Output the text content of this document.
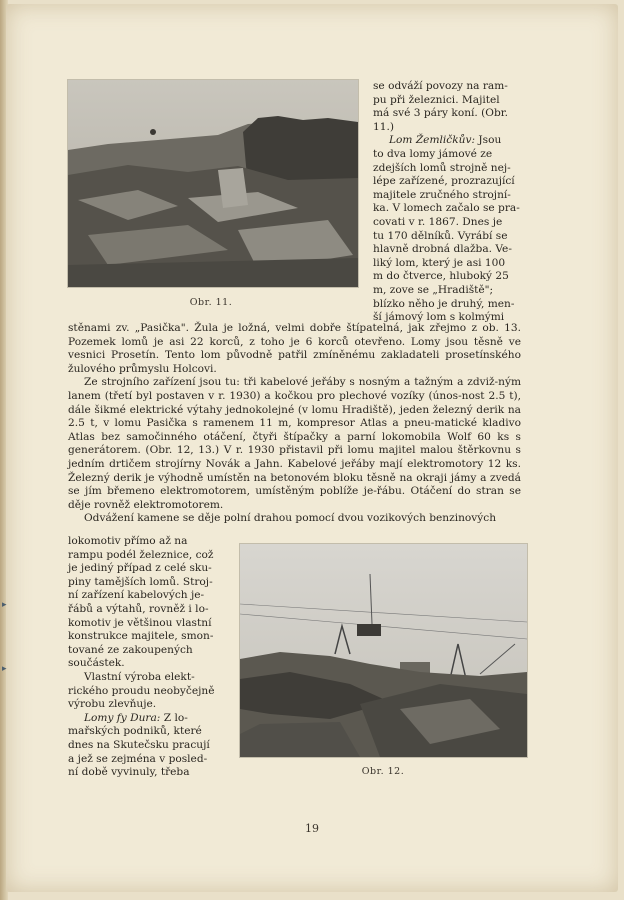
Obr. 11.

se odváží povozy na ram-

pu při železnici. Majitel

má své 3 páry koní. (Obr.

11.)

Lom Žemličkův: Jsou

to dva lomy jámové ze

zdejších lomů strojně nej-

lépe zařízené, prozrazující

majitele zručného strojní-

ka. V lomech začalo se pra-

covati v r. 1867. Dnes je

tu 170 dělníků. Vyrábí se

hlavně drobná dlažba. Ve-

liký lom, který je asi 100

m do čtverce, hluboký 25

m, zove se „Hradiště";

blízko něho je druhý, men-

ší jámový lom s kolmými

stěnami zv. „Pasička". Žula je ložná, velmi dobře štípatelná, jak zřejmo z ob. 13. Pozemek lomů je asi 22 korců, z toho je 6 korců otevřeno. Lomy jsou těsně ve vesnici Prosetín. Tento lom původně patřil zmíněnému zakladateli prosetínského žulového průmyslu Holcovi.

Ze strojního zařízení jsou tu: tři kabelové jeřáby s nosným a tažným a zdviž-ným lanem (třetí byl postaven v r. 1930) a kočkou pro plechové vozíky (únos-nost 2.5 t), dále šikmé elektrické výtahy jednokolejné (v lomu Hradiště), jeden železný derik na 2.5 t, v lomu Pasička s ramenem 11 m, kompresor Atlas a pneu-matické kladivo Atlas bez samočinného otáčení, čtyři štípačky a parní lokomobila Wolf 60 ks s generátorem. (Obr. 12, 13.) V r. 1930 přistavil při lomu majitel malou štěrkovnu s jedním drtičem strojírny Novák a Jahn. Kabelové jeřáby mají elektromotory 12 ks. Železný derik je výhodně umístěn na betonovém bloku těsně na okraji jámy a zvedá se jím břemeno elektromotorem, umístěným poblíže je-řábu. Otáčení do stran se děje rovněž elektromotorem.

Odvážení kamene se děje polní drahou pomocí dvou vozikových benzinových

lokomotiv přímo až na

rampu podél železnice, což

je jediný případ z celé sku-

piny tamějších lomů. Stroj-

ní zařízení kabelových je-

řábů a výtahů, rovněž i lo-

komotiv je většinou vlastní

konstrukce majitele, smon-

tované ze zakoupených

součástek.

Vlastní výroba elekt-

rického proudu neobyčejně

výrobu zlevňuje.

Lomy fy Dura: Z lo-

mařských podniků, které

dnes na Skutečsku pracují

a jež se zejména v posled-

ní době vyvinuly, třeba	Obr. 12.
19
▸
▸
